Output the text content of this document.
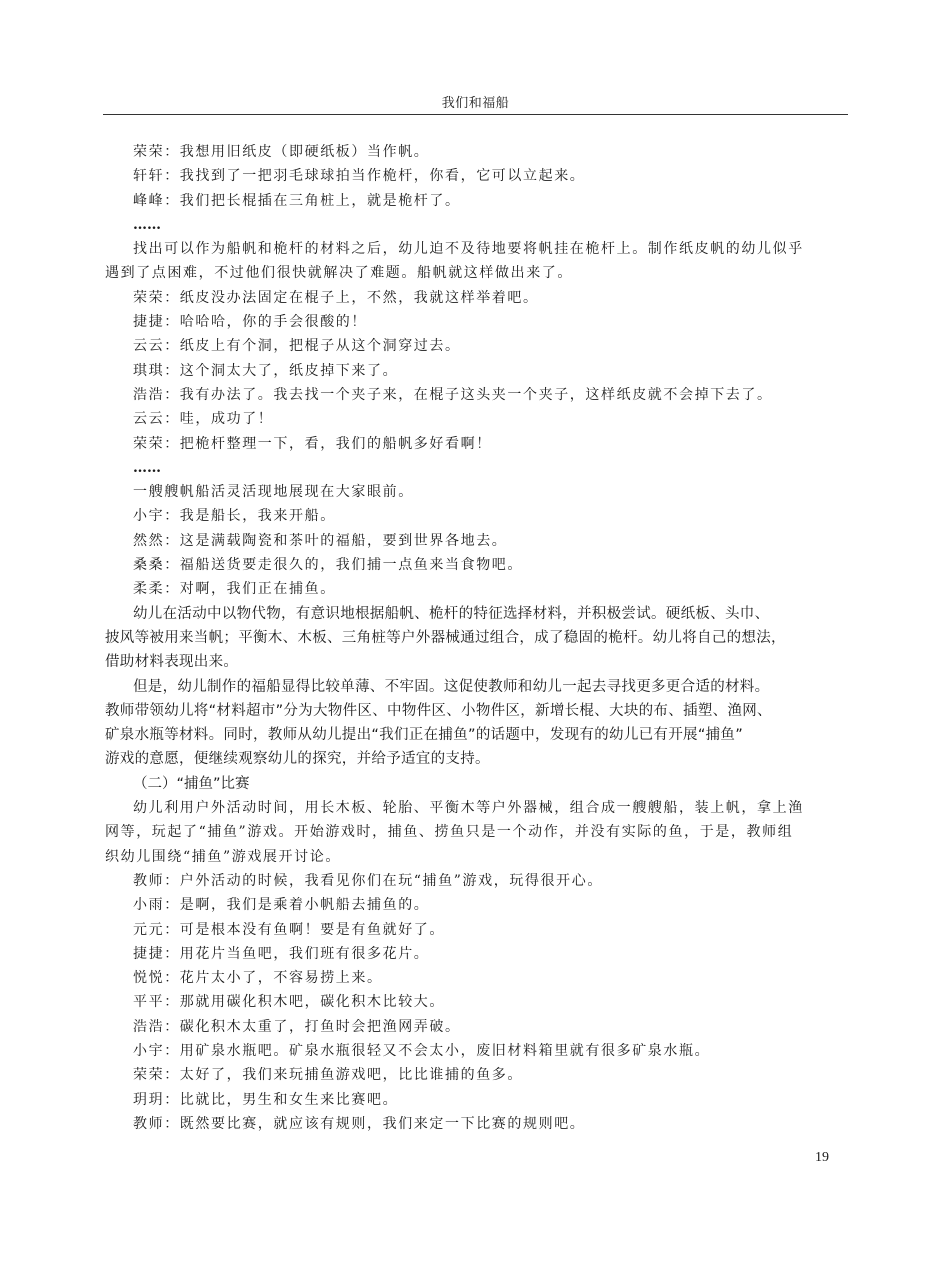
我们和福船
荣荣：我想用旧纸皮（即硬纸板）当作帆。
轩轩：我找到了一把羽毛球球拍当作桅杆，你看，它可以立起来。
峰峰：我们把长棍插在三角桩上，就是桅杆了。
……
找出可以作为船帆和桅杆的材料之后，幼儿迫不及待地要将帆挂在桅杆上。制作纸皮帆的幼儿似乎
遇到了点困难，不过他们很快就解决了难题。船帆就这样做出来了。
荣荣：纸皮没办法固定在棍子上，不然，我就这样举着吧。
捷捷：哈哈哈，你的手会很酸的！
云云：纸皮上有个洞，把棍子从这个洞穿过去。
琪琪：这个洞太大了，纸皮掉下来了。
浩浩：我有办法了。我去找一个夹子来，在棍子这头夹一个夹子，这样纸皮就不会掉下去了。
云云：哇，成功了！
荣荣：把桅杆整理一下，看，我们的船帆多好看啊！
……
一艘艘帆船活灵活现地展现在大家眼前。
小宇：我是船长，我来开船。
然然：这是满载陶瓷和茶叶的福船，要到世界各地去。
桑桑：福船送货要走很久的，我们捕一点鱼来当食物吧。
柔柔：对啊，我们正在捕鱼。
幼儿在活动中以物代物，有意识地根据船帆、桅杆的特征选择材料，并积极尝试。硬纸板、头巾、
披风等被用来当帆；平衡木、木板、三角桩等户外器械通过组合，成了稳固的桅杆。幼儿将自己的想法，
借助材料表现出来。
但是，幼儿制作的福船显得比较单薄、不牢固。这促使教师和幼儿一起去寻找更多更合适的材料。
教师带领幼儿将“材料超市”分为大物件区、中物件区、小物件区，新增长棍、大块的布、插塑、渔网、
矿泉水瓶等材料。同时，教师从幼儿提出“我们正在捕鱼”的话题中，发现有的幼儿已有开展“捕鱼”
游戏的意愿，便继续观察幼儿的探究，并给予适宜的支持。
（二）“捕鱼”比赛
幼儿利用户外活动时间，用长木板、轮胎、平衡木等户外器械，组合成一艘艘船，装上帆，拿上渔
网等，玩起了“捕鱼”游戏。开始游戏时，捕鱼、捞鱼只是一个动作，并没有实际的鱼，于是，教师组
织幼儿围绕“捕鱼”游戏展开讨论。
教师：户外活动的时候，我看见你们在玩“捕鱼”游戏，玩得很开心。
小雨：是啊，我们是乘着小帆船去捕鱼的。
元元：可是根本没有鱼啊！要是有鱼就好了。
捷捷：用花片当鱼吧，我们班有很多花片。
悦悦：花片太小了，不容易捞上来。
平平：那就用碳化积木吧，碳化积木比较大。
浩浩：碳化积木太重了，打鱼时会把渔网弄破。
小宇：用矿泉水瓶吧。矿泉水瓶很轻又不会太小，废旧材料箱里就有很多矿泉水瓶。
荣荣：太好了，我们来玩捕鱼游戏吧，比比谁捕的鱼多。
玥玥：比就比，男生和女生来比赛吧。
教师：既然要比赛，就应该有规则，我们来定一下比赛的规则吧。
19
